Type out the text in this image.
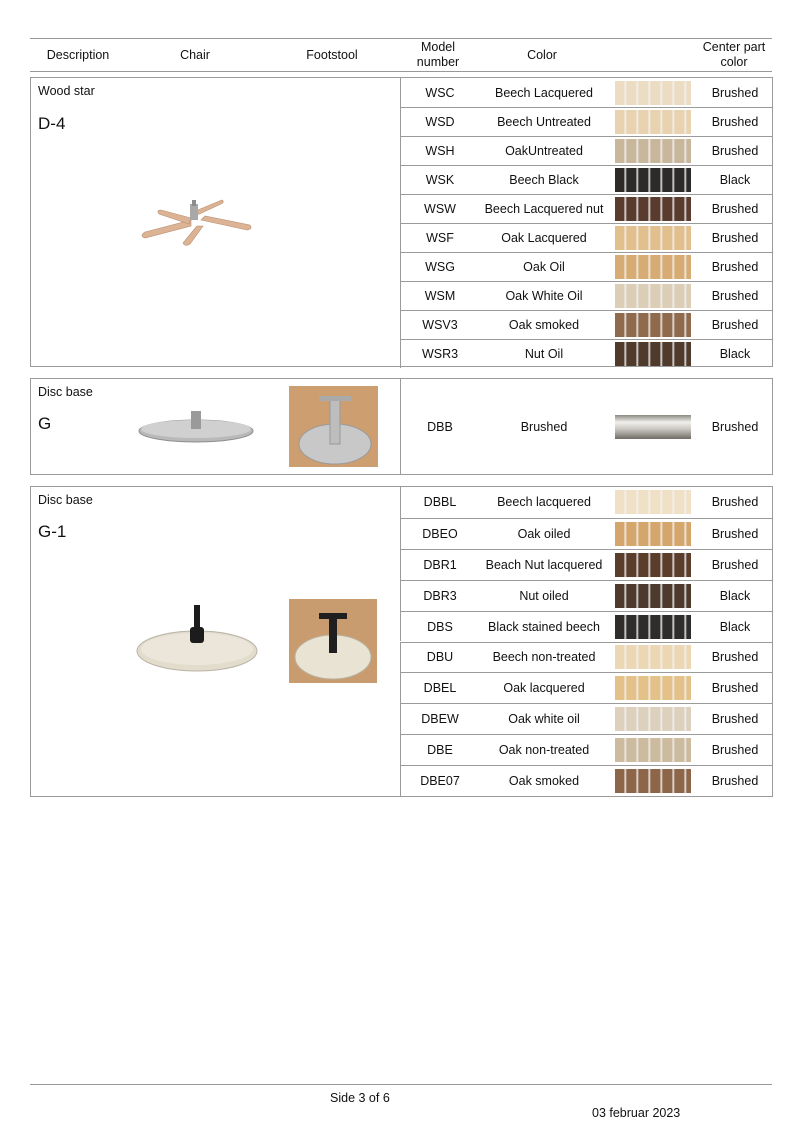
Description	Chair	Footstool
Model
number	Color
Center part
color
Wood star
D-4
WSC	Beech Lacquered	Brushed
WSD	Beech Untreated	Brushed
WSH	OakUntreated	Brushed
WSK	Beech Black	Black
WSW	Beech Lacquered nut	Brushed
WSF	Oak Lacquered	Brushed
WSG	Oak Oil	Brushed
WSM	Oak White Oil	Brushed
WSV3	Oak smoked	Brushed
WSR3	Nut Oil	Black
Disc base
G	DBB	Brushed	Brushed
Disc base
G-1
DBBL	Beech lacquered	Brushed
DBEO	Oak oiled	Brushed
DBR1	Beach Nut lacquered	Brushed
DBR3	Nut oiled	Black
DBS	Black stained beech	Black
DBU	Beech non-treated	Brushed
DBEL	Oak lacquered	Brushed
DBEW	Oak white oil	Brushed
DBE	Oak non-treated	Brushed
DBE07	Oak smoked	Brushed
Side 3 of 6
03 februar 2023
